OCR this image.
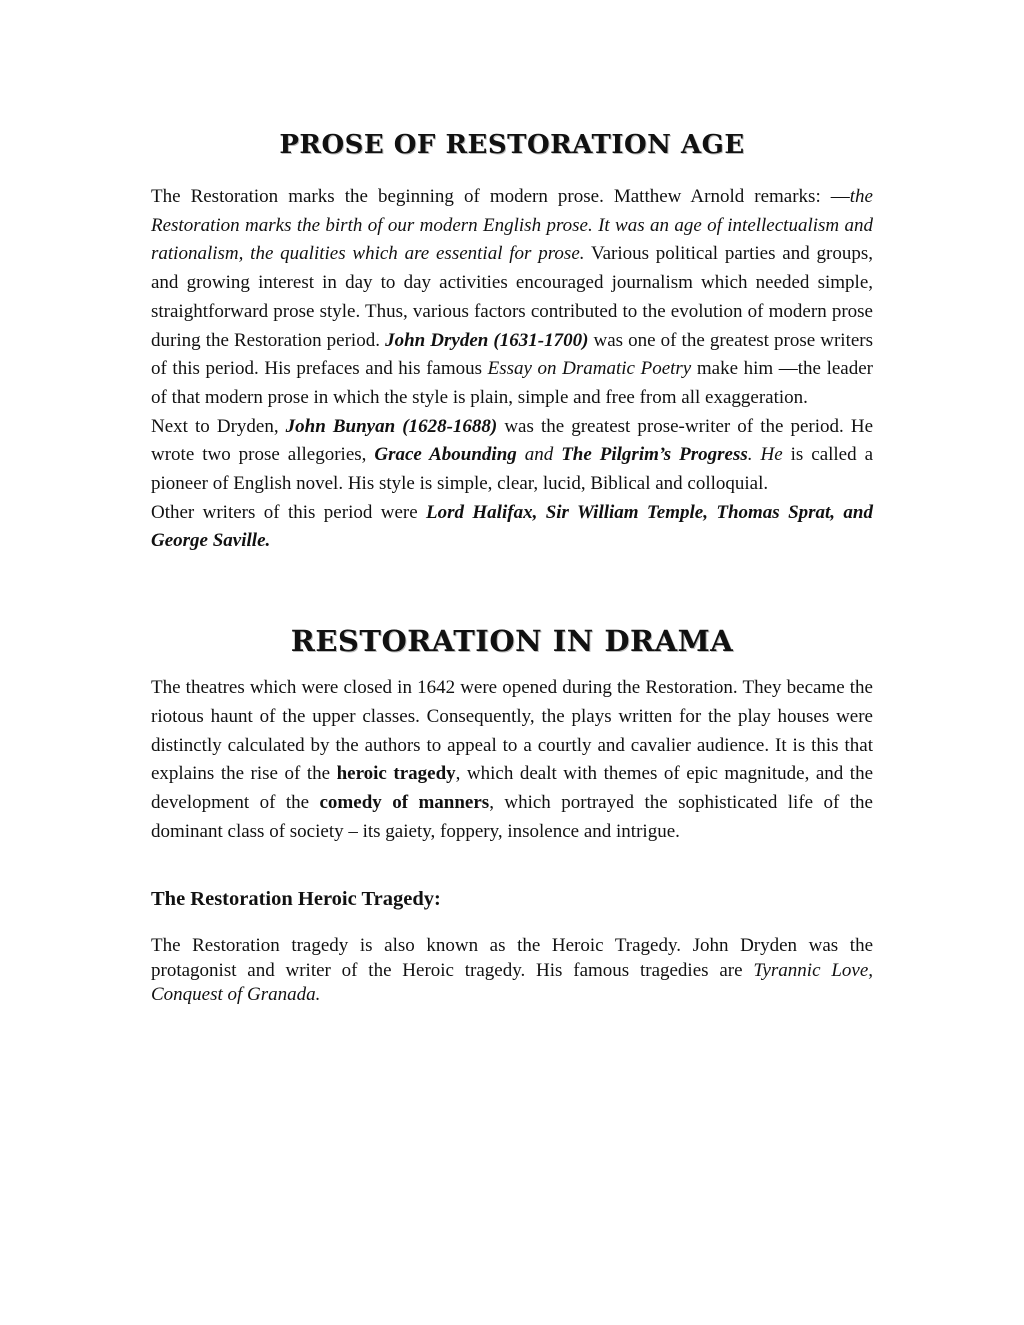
PROSE OF RESTORATION AGE

The Restoration marks the beginning of modern prose. Matthew Arnold remarks: ―the Restoration marks the birth of our modern English prose. It was an age of intellectualism and rationalism, the qualities which are essential for prose. Various political parties and groups, and growing interest in day to day activities encouraged journalism which needed simple, straightforward prose style. Thus, various factors contributed to the evolution of modern prose during the Restoration period. John Dryden (1631-1700) was one of the greatest prose writers of this period. His prefaces and his famous Essay on Dramatic Poetry make him ―the leader of that modern prose in which the style is plain, simple and free from all exaggeration.

Next to Dryden, John Bunyan (1628-1688) was the greatest prose-writer of the period. He wrote two prose allegories, Grace Abounding and The Pilgrim’s Progress. He is called a pioneer of English novel. His style is simple, clear, lucid, Biblical and colloquial.

Other writers of this period were Lord Halifax, Sir William Temple, Thomas Sprat, and George Saville.

RESTORATION IN DRAMA

The theatres which were closed in 1642 were opened during the Restoration. They became the riotous haunt of the upper classes. Consequently, the plays written for the play houses were distinctly calculated by the authors to appeal to a courtly and cavalier audience. It is this that explains the rise of the heroic tragedy, which dealt with themes of epic magnitude, and the development of the comedy of manners, which portrayed the sophisticated life of the dominant class of society – its gaiety, foppery, insolence and intrigue.

The Restoration Heroic Tragedy:

The Restoration tragedy is also known as the Heroic Tragedy. John Dryden was the protagonist and writer of the Heroic tragedy. His famous tragedies are Tyrannic Love, Conquest of Granada.
